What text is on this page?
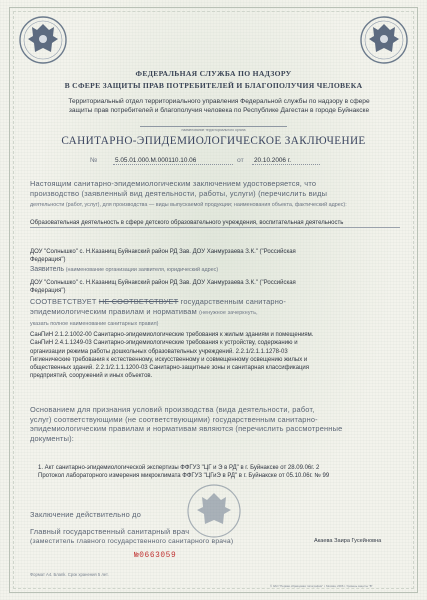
ФЕДЕРАЛЬНАЯ СЛУЖБА ПО НАДЗОРУ
В СФЕРЕ ЗАЩИТЫ ПРАВ ПОТРЕБИТЕЛЕЙ И БЛАГОПОЛУЧИЯ ЧЕЛОВЕКА
Территориальный отдел территориального управления Федеральной службы по надзору в сфере
защиты прав потребителей и благополучия человека по Республике Дагестан в городе Буйнакске
наименование территориального органа
САНИТАРНО-ЭПИДЕМИОЛОГИЧЕСКОЕ ЗАКЛЮЧЕНИЕ
№	5.05.01.000.М.000110.10.06	от	20.10.2006 г.
Настоящим санитарно-эпидемиологическим заключением удостоверяется, что
производство (заявленный вид деятельности, работы, услуги) (перечислить виды
деятельности (работ, услуг), для производства — виды выпускаемой продукции; наименования объекта, фактический адрес):
Образовательная деятельность в сфере детского образовательного учреждения, воспитательная деятельность
ДОУ "Солнышко" с. Н.Казанищ Буйнакский район РД Зав. ДОУ Ханмурзаева З.К." ("Российская
Федерация")
Заявитель (наименование организации заявителя, юридический адрес)
ДОУ "Солнышко" с. Н.Казанищ Буйнакский район РД Зав. ДОУ Ханмурзаева З.К." ("Российская
Федерация")
СООТВЕТСТВУЕТ НЕ СООТВЕТСТВУЕТ государственным санитарно-
эпидемиологическим правилам и нормативам (ненужное зачеркнуть,
указать полное наименование санитарных правил)
СанПиН 2.1.2.1002-00 Санитарно-эпидемиологические требования к жилым зданиям и помещениям.
СанПиН 2.4.1.1249-03 Санитарно-эпидемиологические требования к устройству, содержанию и
организации режима работы дошкольных образовательных учреждений. 2.2.1/2.1.1.1278-03
Гигиенические требования к естественному, искусственному и совмещенному освещению жилых и
общественных зданий. 2.2.1/2.1.1.1200-03 Санитарно-защитные зоны и санитарная классификация
предприятий, сооружений и иных объектов.
Основанием для признания условий производства (вида деятельности, работ,
услуг) соответствующими (не соответствующими) государственным санитарно-
эпидемиологическим правилам и нормативам являются (перечислить рассмотренные
документы):
1. Акт санитарно-эпидемиологической экспертизы ФФГУЗ "ЦГ и Э в РД" в г. Буйнакске от 28.09.06г. 2
Протокол лабораторного измерения микроклимата ФФГУЗ "ЦГиЭ в РД" в г. Буйнакске от 05.10.06г. № 99
Заключение действительно до
Главный государственный санитарный врач
(заместитель главного государственного санитарного врача)	Акаева Заира Гусейновна
№0663059
Формат А4. Блank. Срок хранения 5 лет.
© ЗАО "Первая образцовая типография" г. Москва, 2006 г. Уровень защиты "В"
